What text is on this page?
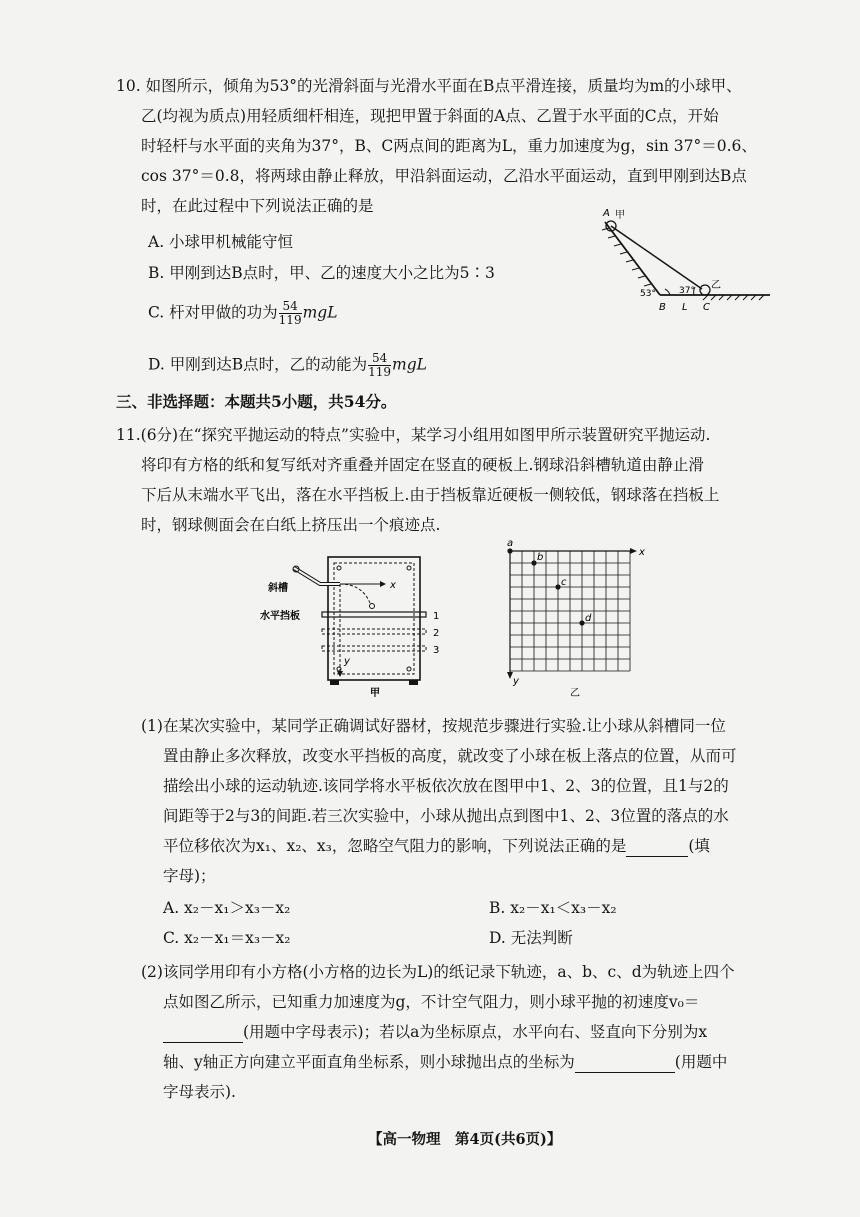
10. 如图所示，倾角为53°的光滑斜面与光滑水平面在B点平滑连接，质量均为m的小球甲、
乙(均视为质点)用轻质细杆相连，现把甲置于斜面的A点、乙置于水平面的C点，开始
时轻杆与水平面的夹角为37°，B、C两点间的距离为L，重力加速度为g，sin 37°＝0.6、
cos 37°＝0.8，将两球由静止释放，甲沿斜面运动，乙沿水平面运动，直到甲刚到达B点
时，在此过程中下列说法正确的是
A. 小球甲机械能守恒
B. 甲刚到达B点时，甲、乙的速度大小之比为5∶3
C. 杆对甲做的功为 $\frac{54}{119}$ mgL
D. 甲刚到达B点时，乙的动能为 $\frac{54}{119}$ mgL
A 甲
乙
53°	37°
B L C
三、非选择题：本题共5小题，共54分。
11.(6分)在“探究平抛运动的特点”实验中，某学习小组用如图甲所示装置研究平抛运动.
将印有方格的纸和复写纸对齐重叠并固定在竖直的硬板上.钢球沿斜槽轨道由静止滑
下后从末端水平飞出，落在水平挡板上.由于挡板靠近硬板一侧较低，钢球落在挡板上
时，钢球侧面会在白纸上挤压出一个痕迹点.
x
y
1
2
3
斜槽
水平挡板
甲
x
y
a
b
c
d
乙
(1)在某次实验中，某同学正确调试好器材，按规范步骤进行实验.让小球从斜槽同一位
置由静止多次释放，改变水平挡板的高度，就改变了小球在板上落点的位置，从而可
描绘出小球的运动轨迹.该同学将水平板依次放在图甲中1、2、3的位置，且1与2的
间距等于2与3的间距.若三次实验中，小球从抛出点到图中1、2、3位置的落点的水
平位移依次为x₁、x₂、x₃，忽略空气阻力的影响，下列说法正确的是	(填
字母)；
A. x₂－x₁＞x₃－x₂	B. x₂－x₁＜x₃－x₂
C. x₂－x₁＝x₃－x₂	D. 无法判断
(2)该同学用印有小方格(小方格的边长为L)的纸记录下轨迹，a、b、c、d为轨迹上四个
点如图乙所示，已知重力加速度为g，不计空气阻力，则小球平抛的初速度v₀＝
(用题中字母表示)；若以a为坐标原点，水平向右、竖直向下分别为x
轴、y轴正方向建立平面直角坐标系，则小球抛出点的坐标为	(用题中
字母表示).
【高一物理　第4页(共6页)】
